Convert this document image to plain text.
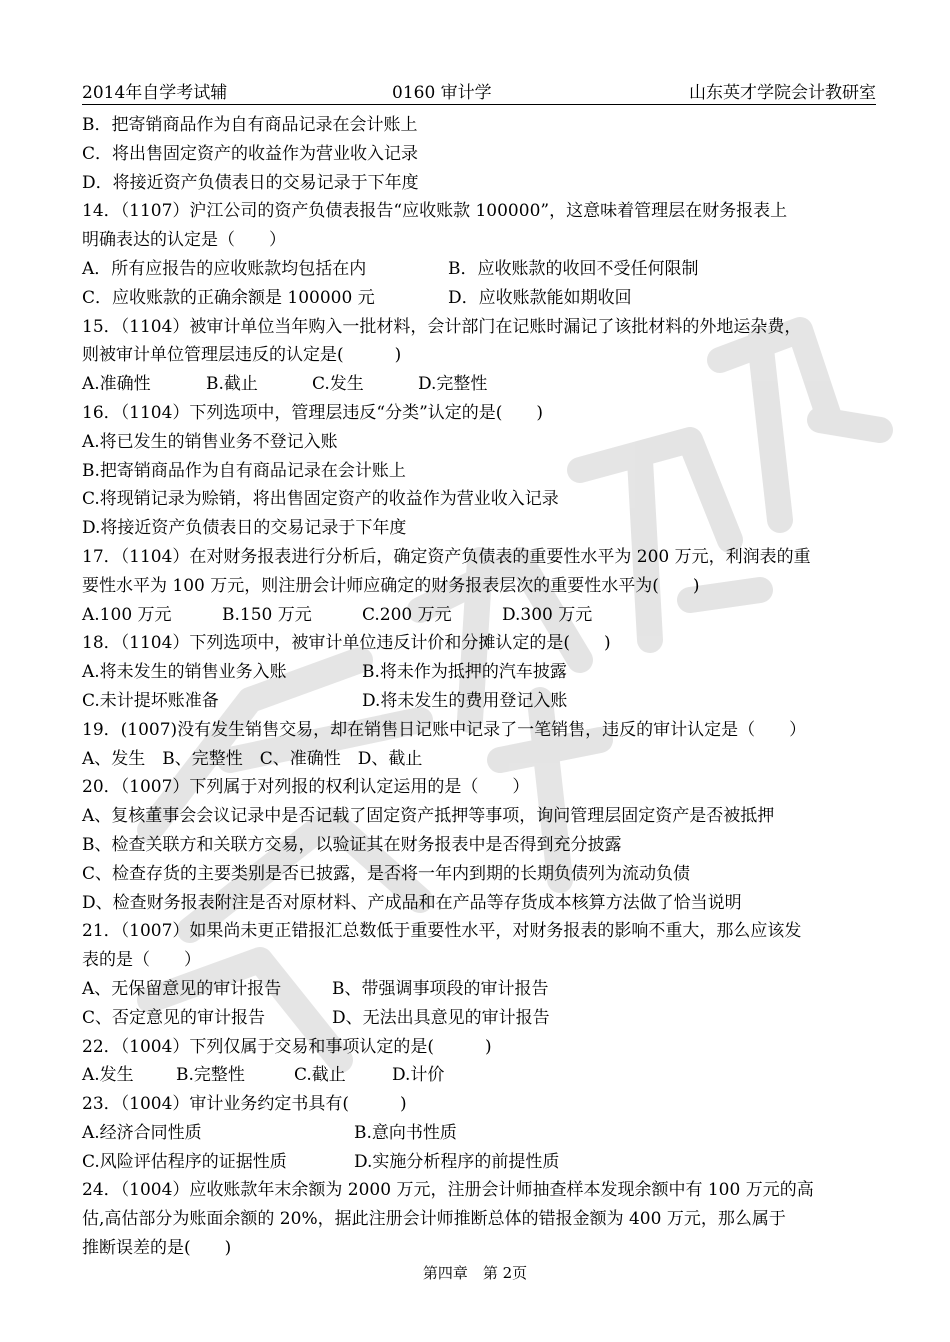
2014年自学考试辅	0160 审计学	山东英才学院会计教研室
B．把寄销商品作为自有商品记录在会计账上
C．将出售固定资产的收益作为营业收入记录
D．将接近资产负债表日的交易记录于下年度
14．（1107）沪江公司的资产负债表报告“应收账款 100000”，这意味着管理层在财务报表上
明确表达的认定是（　　）
A．所有应报告的应收账款均包括在内	B．应收账款的收回不受任何限制
C．应收账款的正确余额是 100000 元	D．应收账款能如期收回
15．（1104）被审计单位当年购入一批材料，会计部门在记账时漏记了该批材料的外地运杂费，
则被审计单位管理层违反的认定是(　　　)
A.准确性	B.截止	C.发生	D.完整性
16．（1104）下列选项中，管理层违反“分类”认定的是(　　)
A.将已发生的销售业务不登记入账
B.把寄销商品作为自有商品记录在会计账上
C.将现销记录为赊销，将出售固定资产的收益作为营业收入记录
D.将接近资产负债表日的交易记录于下年度
17．（1104）在对财务报表进行分析后，确定资产负债表的重要性水平为 200 万元，利润表的重
要性水平为 100 万元，则注册会计师应确定的财务报表层次的重要性水平为(　　)
A.100 万元	B.150 万元	C.200 万元	D.300 万元
18．（1104）下列选项中，被审计单位违反计价和分摊认定的是(　　)
A.将未发生的销售业务入账	B.将未作为抵押的汽车披露
C.未计提坏账准备	D.将未发生的费用登记入账
19．(1007)没有发生销售交易，却在销售日记账中记录了一笔销售，违反的审计认定是（　　）
A、发生　B、完整性　C、准确性　D、截止
20．（1007）下列属于对列报的权利认定运用的是（　　）
A、复核董事会会议记录中是否记载了固定资产抵押等事项，询问管理层固定资产是否被抵押
B、检查关联方和关联方交易，以验证其在财务报表中是否得到充分披露
C、检查存货的主要类别是否已披露，是否将一年内到期的长期负债列为流动负债
D、检查财务报表附注是否对原材料、产成品和在产品等存货成本核算方法做了恰当说明
21．（1007）如果尚未更正错报汇总数低于重要性水平，对财务报表的影响不重大，那么应该发
表的是（　　）
A、无保留意见的审计报告	B、带强调事项段的审计报告
C、否定意见的审计报告	D、无法出具意见的审计报告
22．（1004）下列仅属于交易和事项认定的是(　　　)
A.发生 B.完整性	C.截止	D.计价
23．（1004）审计业务约定书具有(　　　)
A.经济合同性质	B.意向书性质
C.风险评估程序的证据性质	D.实施分析程序的前提性质
24．（1004）应收账款年末余额为 2000 万元，注册会计师抽查样本发现余额中有 100 万元的高
估,高估部分为账面余额的 20%，据此注册会计师推断总体的错报金额为 400 万元，那么属于
推断误差的是(　　)
第四章　第 2页
